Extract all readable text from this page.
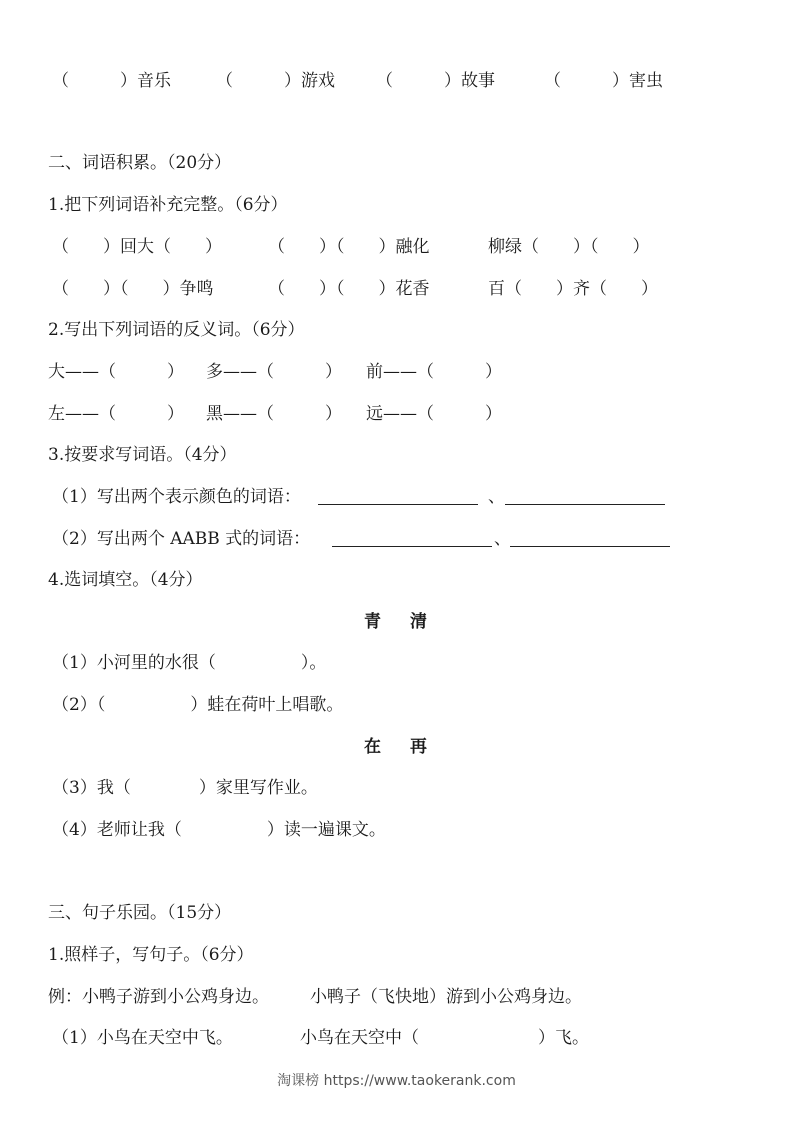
（　　　）音乐	（　　　）游戏 （　　　）故事	（　　　）害虫
二、词语积累。（20分）
1.把下列词语补充完整。（6分）
（　　）回大（　　）	（　　）（　　）融化	柳绿（　　）（　　）
（　　）（　　）争鸣	（　　）（　　）花香	百（　　）齐（　　）
2.写出下列词语的反义词。（6分）
大——（　　　） 多——（　　　） 前——（　　　）
左——（　　　） 黑——（　　　） 远——（　　　）
3.按要求写词语。（4分）
（1）写出两个表示颜色的词语：	、
（2）写出两个 AABB 式的词语：	、
4.选词填空。（4分）
青 清
（1）小河里的水很（　　　　　）。
（2）（　　　　　）蛙在荷叶上唱歌。
在 再
（3）我（　　　　）家里写作业。
（4）老师让我（　　　　　）读一遍课文。
三、句子乐园。（15分）
1.照样子，写句子。（6分）
例：小鸭子游到小公鸡身边。 小鸭子（飞快地）游到小公鸡身边。
（1）小鸟在天空中飞。	小鸟在天空中（　　　　　　　）飞。
淘课榜 https://www.taokerank.com
